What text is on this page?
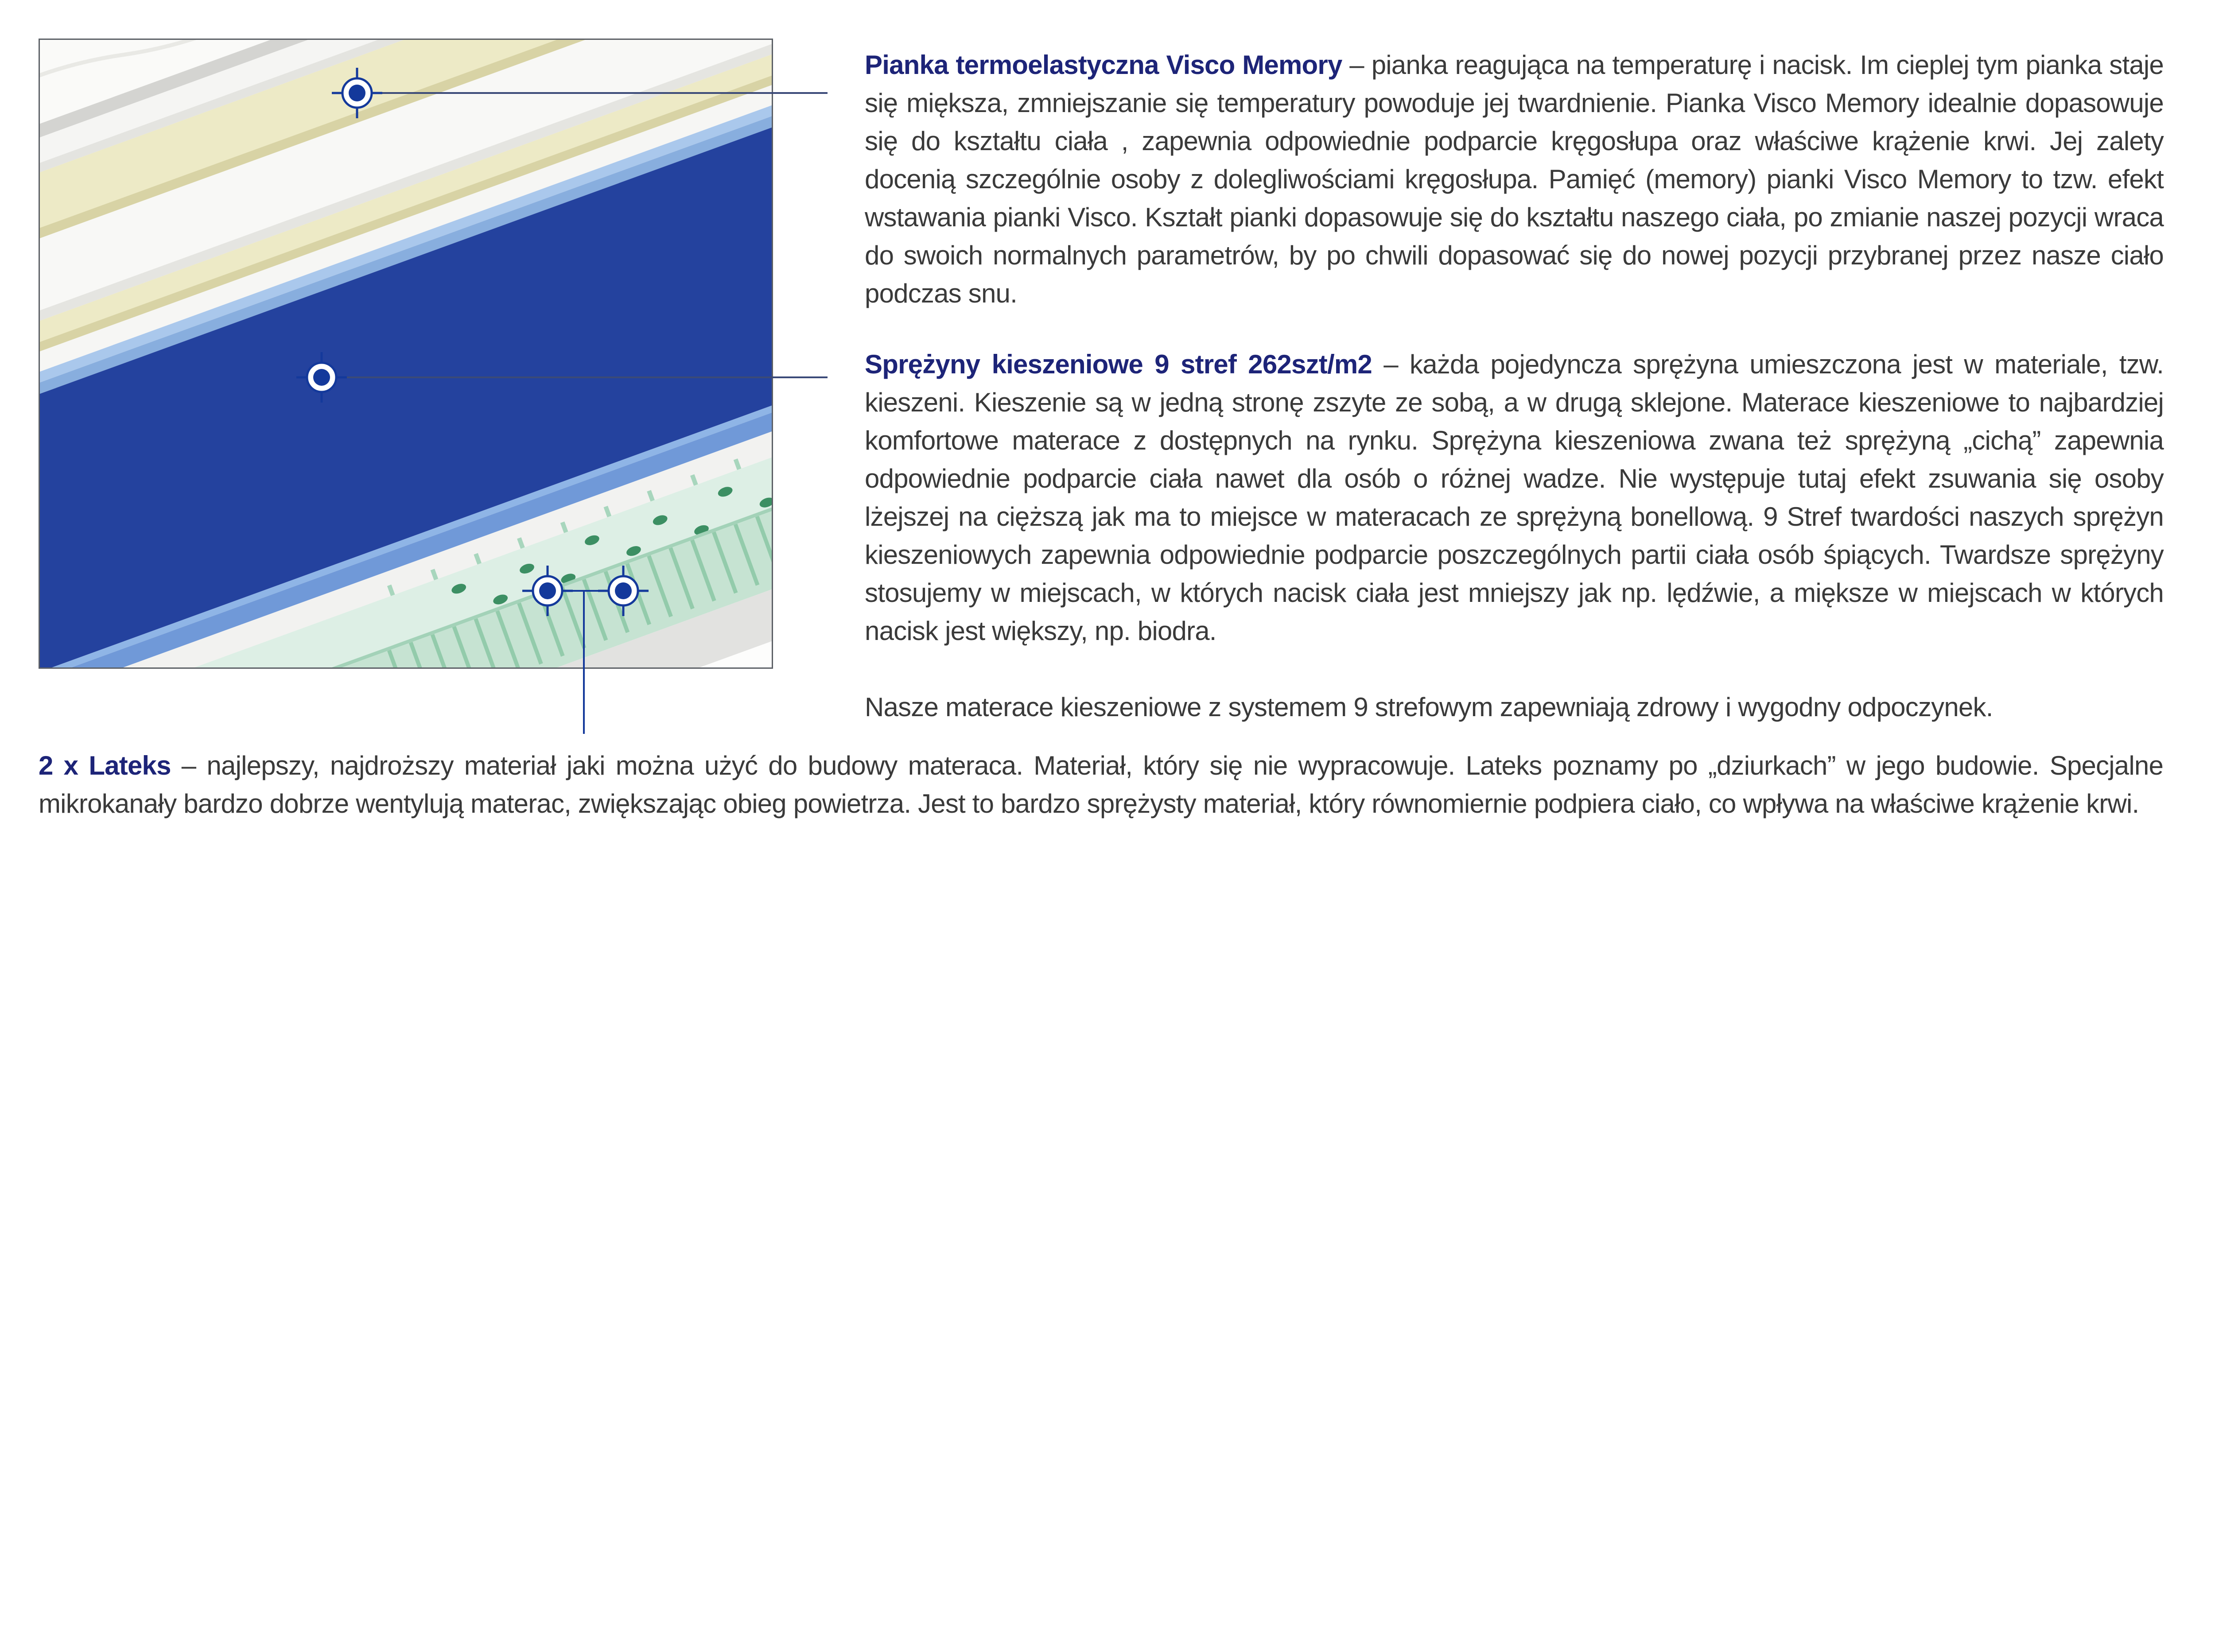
Pianka termoelastyczna Visco Memory – pianka reagująca na temperaturę i nacisk. Im cieplej tym pianka staje się miększa, zmniejszanie się temperatury powoduje jej twardnienie. Pianka Visco Memory idealnie dopasowuje się do kształtu ciała , zapewnia odpowiednie podparcie kręgosłupa oraz właściwe krążenie krwi. Jej zalety docenią szczególnie osoby z dolegliwościami kręgosłupa. Pamięć (memory) pianki Visco Memory to tzw. efekt wstawania pianki Visco. Kształt pianki dopasowuje się do kształtu naszego ciała, po zmianie naszej pozycji wraca do swoich normalnych parametrów, by po chwili dopasować się do nowej pozycji przybranej przez nasze ciało podczas snu.

Sprężyny kieszeniowe 9 stref 262szt/m2 – każda pojedyncza sprężyna umieszczona jest w materiale, tzw. kieszeni. Kieszenie są w jedną stronę zszyte ze sobą, a w drugą sklejone. Materace kieszeniowe to najbardziej komfortowe materace z dostępnych na rynku. Sprężyna kieszeniowa zwana też sprężyną „cichą” zapewnia odpowiednie podparcie ciała nawet dla osób o różnej wadze. Nie występuje tutaj efekt zsuwania się osoby lżejszej na cięższą jak ma to miejsce w materacach ze sprężyną bonellową. 9 Stref twardości naszych sprężyn kieszeniowych zapewnia odpowiednie podparcie poszczególnych partii ciała osób śpiących. Twardsze sprężyny stosujemy w miejscach, w których nacisk ciała jest mniejszy jak np. lędźwie, a miększe w miejscach w których nacisk jest większy, np. biodra.

Nasze materace kieszeniowe z systemem 9 strefowym zapewniają zdrowy i wygodny odpoczynek.

2 x Lateks – najlepszy, najdroższy materiał jaki można użyć do budowy materaca. Materiał, który się nie wypracowuje. Lateks poznamy po „dziurkach” w jego budowie. Specjalne mikrokanały bardzo dobrze wentylują materac, zwiększając obieg powietrza. Jest to bardzo sprężysty materiał, który równomiernie podpiera ciało, co wpływa na właściwe krążenie krwi.
